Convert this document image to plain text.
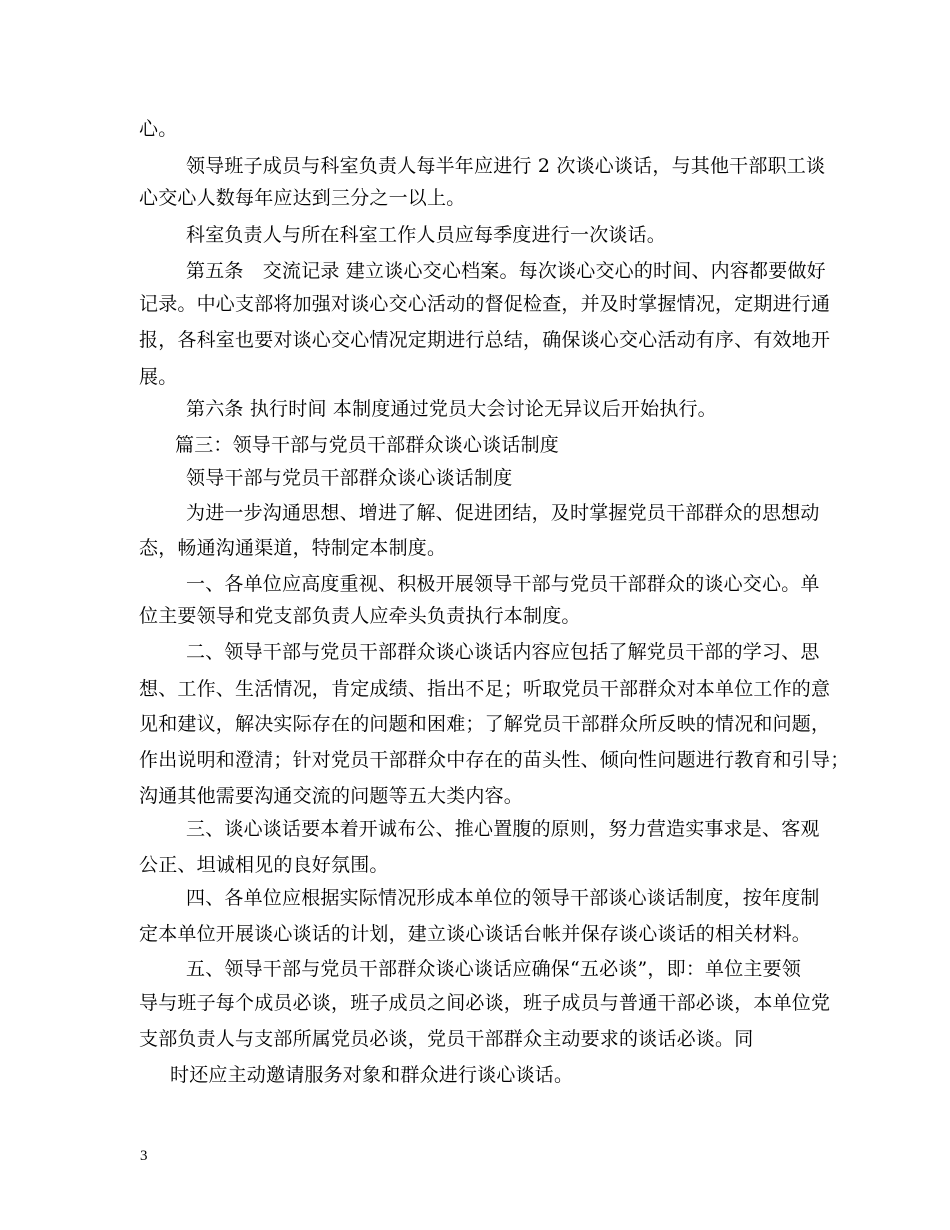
心。

领导班子成员与科室负责人每半年应进行 2 次谈心谈话，与其他干部职工谈

心交心人数每年应达到三分之一以上。

科室负责人与所在科室工作人员应每季度进行一次谈话。

第五条　交流记录 建立谈心交心档案。每次谈心交心的时间、内容都要做好

记录。中心支部将加强对谈心交心活动的督促检查，并及时掌握情况，定期进行通

报，各科室也要对谈心交心情况定期进行总结，确保谈心交心活动有序、有效地开

展。

第六条 执行时间 本制度通过党员大会讨论无异议后开始执行。

篇三：领导干部与党员干部群众谈心谈话制度

领导干部与党员干部群众谈心谈话制度

为进一步沟通思想、增进了解、促进团结，及时掌握党员干部群众的思想动

态，畅通沟通渠道，特制定本制度。

一、各单位应高度重视、积极开展领导干部与党员干部群众的谈心交心。单

位主要领导和党支部负责人应牵头负责执行本制度。

二、领导干部与党员干部群众谈心谈话内容应包括了解党员干部的学习、思

想、工作、生活情况，肯定成绩、指出不足；听取党员干部群众对本单位工作的意

见和建议，解决实际存在的问题和困难；了解党员干部群众所反映的情况和问题，

作出说明和澄清；针对党员干部群众中存在的苗头性、倾向性问题进行教育和引导；

沟通其他需要沟通交流的问题等五大类内容。

三、谈心谈话要本着开诚布公、推心置腹的原则，努力营造实事求是、客观

公正、坦诚相见的良好氛围。

四、各单位应根据实际情况形成本单位的领导干部谈心谈话制度，按年度制

定本单位开展谈心谈话的计划，建立谈心谈话台帐并保存谈心谈话的相关材料。

五、领导干部与党员干部群众谈心谈话应确保“五必谈”，即：单位主要领

导与班子每个成员必谈，班子成员之间必谈，班子成员与普通干部必谈，本单位党

支部负责人与支部所属党员必谈，党员干部群众主动要求的谈话必谈。同

时还应主动邀请服务对象和群众进行谈心谈话。

3
